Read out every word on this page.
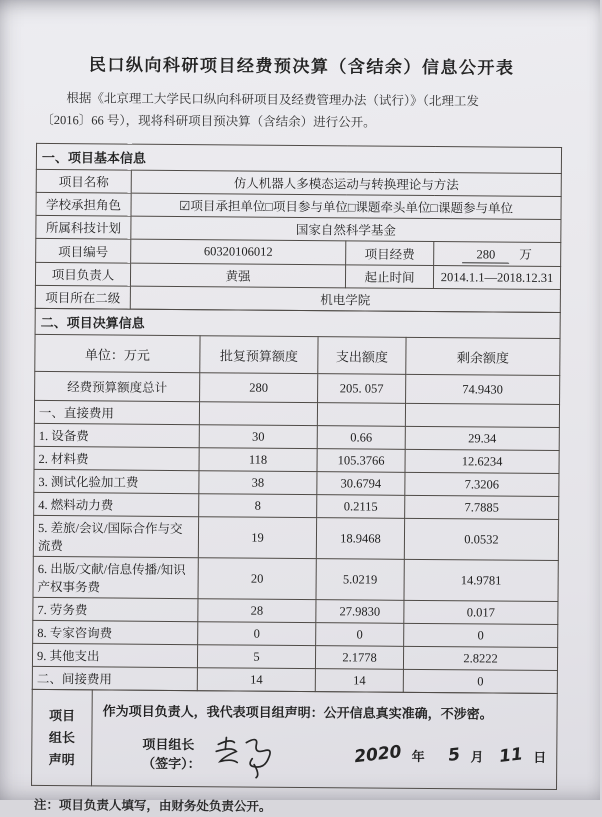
民口纵向科研项目经费预决算（含结余）信息公开表
根据《北京理工大学民口纵向科研项目及经费管理办法（试行）》（北理工发
〔2016〕66 号），现将科研项目预决算（含结余）进行公开。
一、项目基本信息			
项目名称	仿人机器人多模态运动与转换理论与方法		
学校承担角色	☑项目承担单位□项目参与单位□课题牵头单位□课题参与单位		
所属科技计划	国家自然科学基金		
项目编号	60320106012	项目经费	280 万
项目负责人	黄强	起止时间	2014.1.1—2018.12.31
项目所在二级	机电学院		
二、项目决算信息			
单位：万元	批复预算额度	支出额度	剩余额度
经费预算额度总计	280	205. 057	74.9430
一、直接费用			
1. 设备费	30	0.66	29.34
2. 材料费	118	105.3766	12.6234
3. 测试化验加工费	38	30.6794	7.3206
4. 燃料动力费	8	0.2115	7.7885
5. 差旅/会议/国际合作与交流费	19	18.9468	0.0532
6. 出版/文献/信息传播/知识产权事务费	20	5.0219	14.9781
7. 劳务费	28	27.9830	0.017
8. 专家咨询费	0	0	0
9. 其他支出	5	2.1778	2.8222
二、间接费用	14	14	0
项目
组长
声明

作为项目负责人，我代表项目组声明：公开信息真实准确，不涉密。
项目组长（签字）：	2020 年 5 月 11 日
注：项目负责人填写，由财务处负责公开。
